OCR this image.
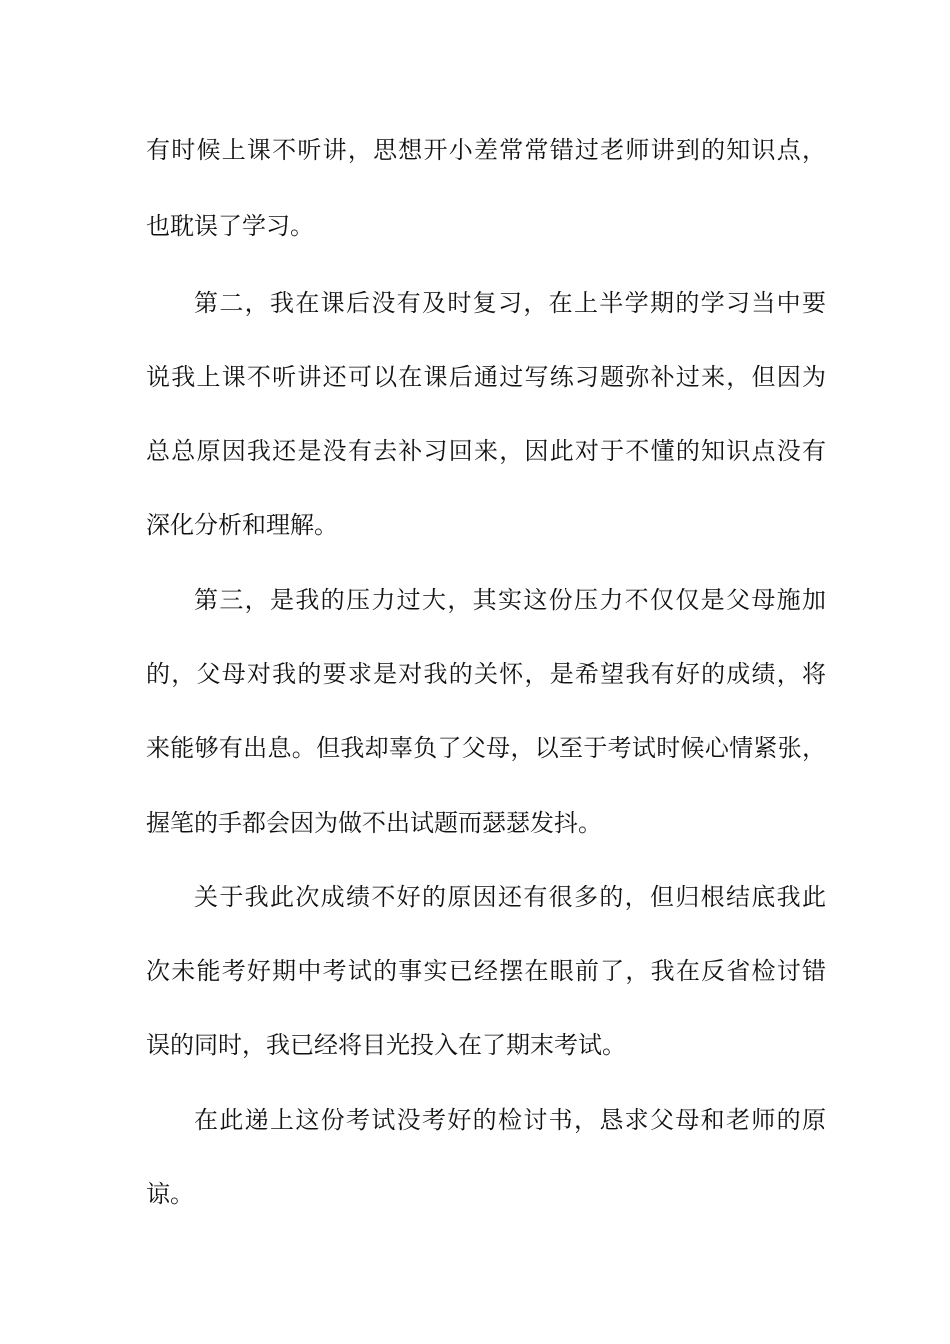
有时候上课不听讲，思想开小差常常错过老师讲到的知识点，
也耽误了学习。
第二，我在课后没有及时复习，在上半学期的学习当中要
说我上课不听讲还可以在课后通过写练习题弥补过来，但因为
总总原因我还是没有去补习回来，因此对于不懂的知识点没有
深化分析和理解。
第三，是我的压力过大，其实这份压力不仅仅是父母施加
的，父母对我的要求是对我的关怀，是希望我有好的成绩，将
来能够有出息。但我却辜负了父母，以至于考试时候心情紧张，
握笔的手都会因为做不出试题而瑟瑟发抖。
关于我此次成绩不好的原因还有很多的，但归根结底我此
次未能考好期中考试的事实已经摆在眼前了，我在反省检讨错
误的同时，我已经将目光投入在了期末考试。
在此递上这份考试没考好的检讨书，恳求父母和老师的原
谅。
